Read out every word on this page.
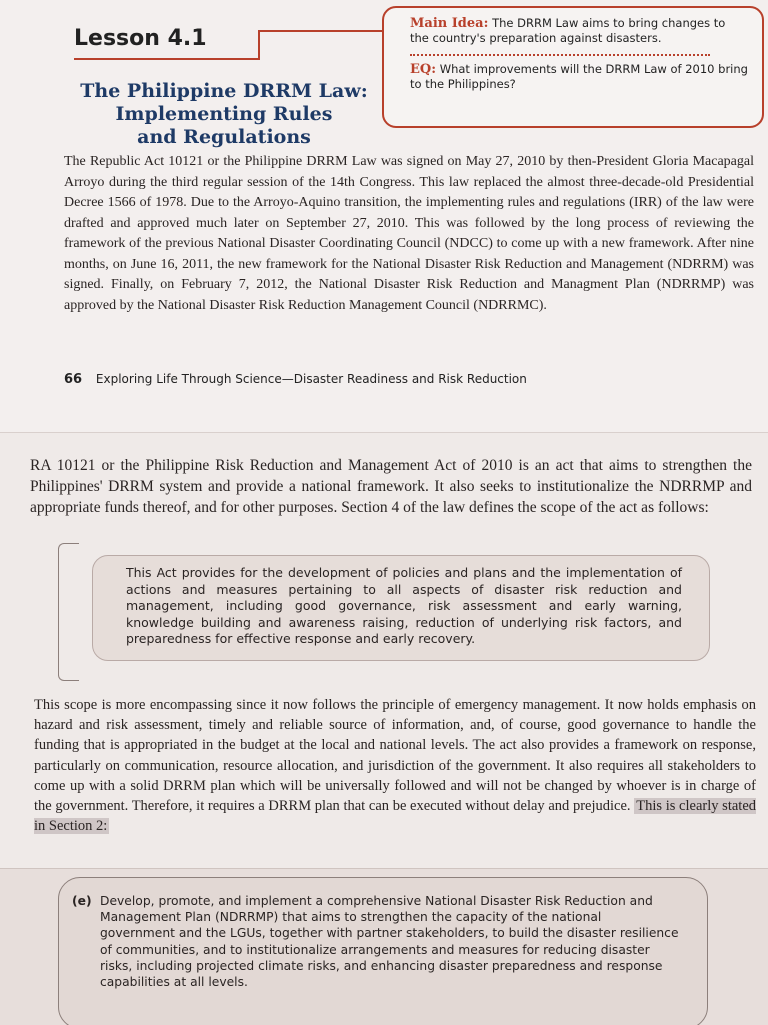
Lesson 4.1
Main Idea: The DRRM Law aims to bring changes to the country's preparation against disasters.
EQ: What improvements will the DRRM Law of 2010 bring to the Philippines?
The Philippine DRRM Law:
Implementing Rules
and Regulations
The Republic Act 10121 or the Philippine DRRM Law was signed on May 27, 2010 by then-President Gloria Macapagal Arroyo during the third regular session of the 14th Congress. This law replaced the almost three-decade-old Presidential Decree 1566 of 1978. Due to the Arroyo-Aquino transition, the implementing rules and regulations (IRR) of the law were drafted and approved much later on September 27, 2010. This was followed by the long process of reviewing the framework of the previous National Disaster Coordinating Council (NDCC) to come up with a new framework. After nine months, on June 16, 2011, the new framework for the National Disaster Risk Reduction and Management (NDRRM) was signed. Finally, on February 7, 2012, the National Disaster Risk Reduction and Managment Plan (NDRRMP) was approved by the National Disaster Risk Reduction Management Council (NDRRMC).
66 Exploring Life Through Science—Disaster Readiness and Risk Reduction
RA 10121 or the Philippine Risk Reduction and Management Act of 2010 is an act that aims to strengthen the Philippines' DRRM system and provide a national framework. It also seeks to institutionalize the NDRRMP and appropriate funds thereof, and for other purposes. Section 4 of the law defines the scope of the act as follows:
This Act provides for the development of policies and plans and the implementation of actions and measures pertaining to all aspects of disaster risk reduction and management, including good governance, risk assessment and early warning, knowledge building and awareness raising, reduction of underlying risk factors, and preparedness for effective response and early recovery.
This scope is more encompassing since it now follows the principle of emergency management. It now holds emphasis on hazard and risk assessment, timely and reliable source of information, and, of course, good governance to handle the funding that is appropriated in the budget at the local and national levels. The act also provides a framework on response, particularly on communication, resource allocation, and jurisdiction of the government. It also requires all stakeholders to come up with a solid DRRM plan which will be universally followed and will not be changed by whoever is in charge of the government. Therefore, it requires a DRRM plan that can be executed without delay and prejudice. This is clearly stated in Section 2:
(e) Develop, promote, and implement a comprehensive National Disaster Risk Reduction and Management Plan (NDRRMP) that aims to strengthen the capacity of the national government and the LGUs, together with partner stakeholders, to build the disaster resilience of communities, and to institutionalize arrangements and measures for reducing disaster risks, including projected climate risks, and enhancing disaster preparedness and response capabilities at all levels.
